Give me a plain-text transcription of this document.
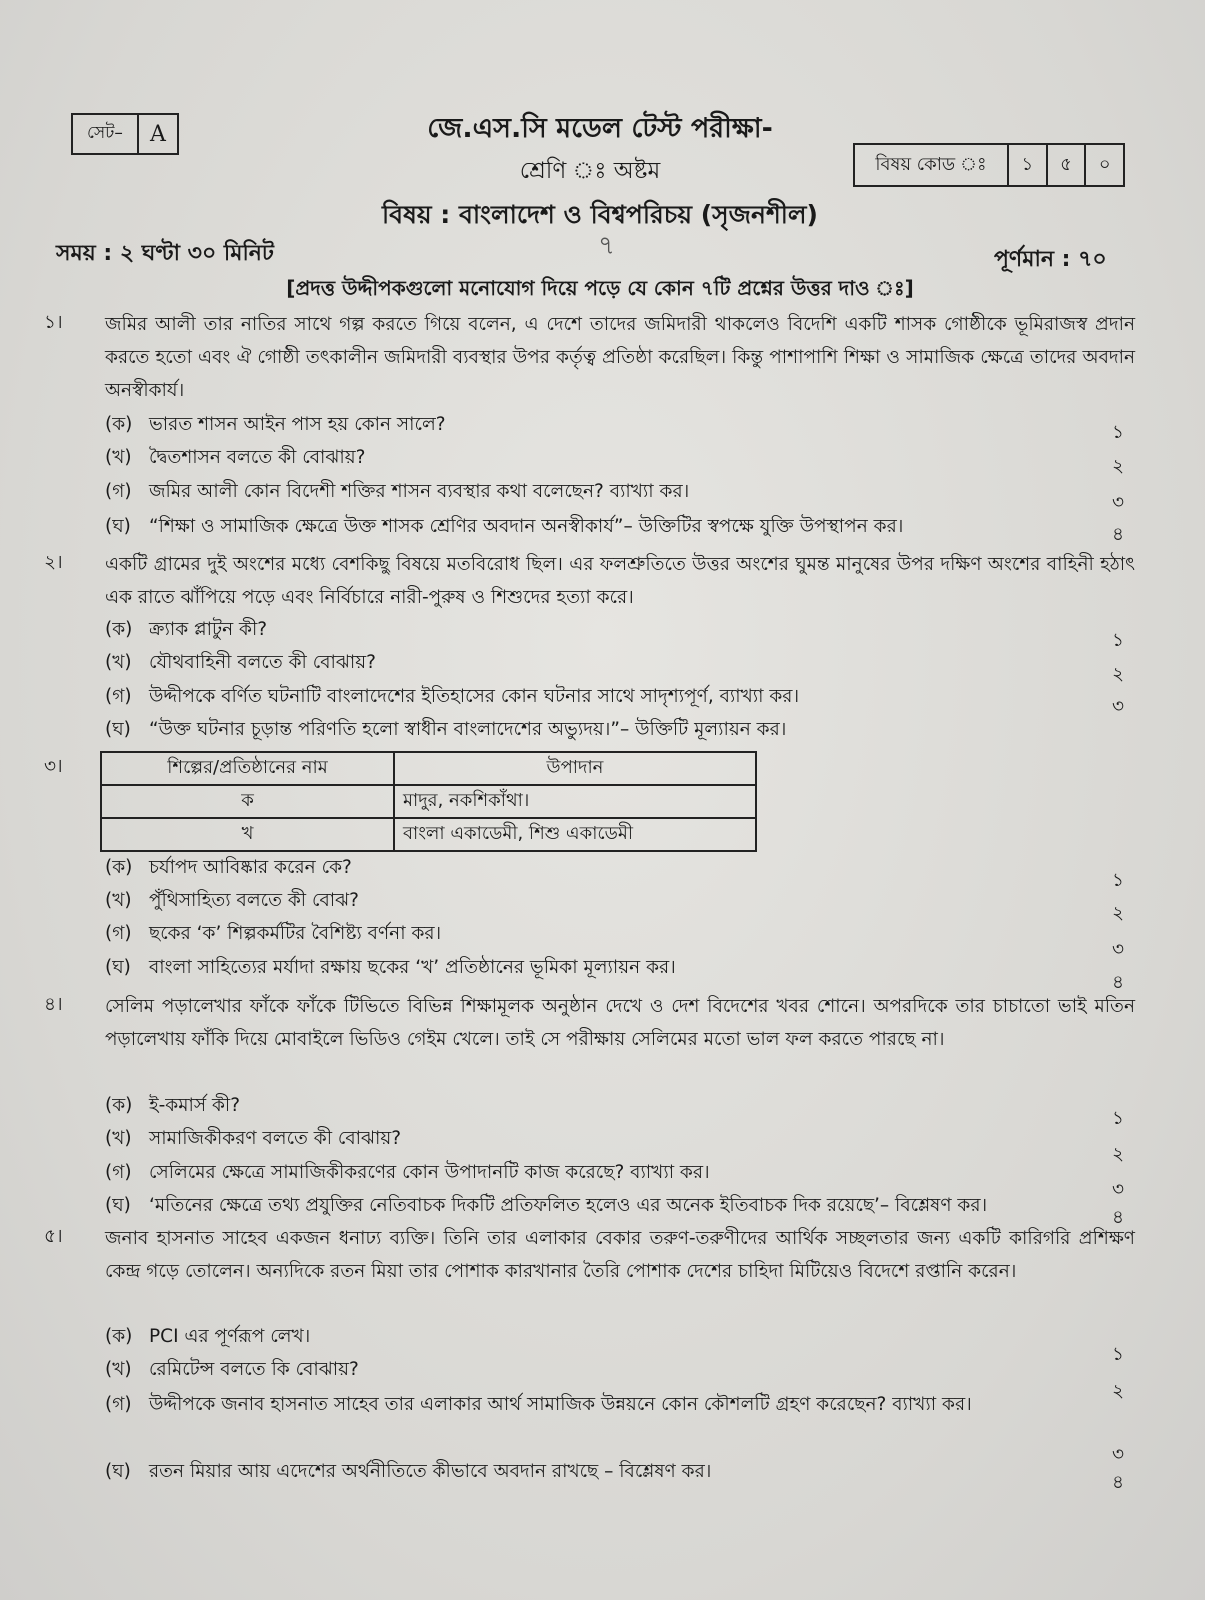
সেট–	A	জে.এস.সি মডেল টেস্ট পরীক্ষা-
শ্রেণি ঃ অষ্টম	বিষয় কোড ঃ	১	৫	০
বিষয় : বাংলাদেশ ও বিশ্বপরিচয় (সৃজনশীল)
সময় : ২ ঘণ্টা ৩০ মিনিট	৭	পূর্ণমান : ৭০
[প্রদত্ত উদ্দীপকগুলো মনোযোগ দিয়ে পড়ে যে কোন ৭টি প্রশ্নের উত্তর দাও ঃ]
১। জমির আলী তার নাতির সাথে গল্প করতে গিয়ে বলেন, এ দেশে তাদের জমিদারী থাকলেও বিদেশি একটি শাসক গোষ্ঠীকে ভূমিরাজস্ব প্রদান করতে হতো এবং ঐ গোষ্ঠী তৎকালীন জমিদারী ব্যবস্থার উপর কর্তৃত্ব প্রতিষ্ঠা করেছিল। কিন্তু পাশাপাশি শিক্ষা ও সামাজিক ক্ষেত্রে তাদের অবদান অনস্বীকার্য।
(ক) ভারত শাসন আইন পাস হয় কোন সালে?	১
(খ) দ্বৈতশাসন বলতে কী বোঝায়?	২
(গ) জমির আলী কোন বিদেশী শক্তির শাসন ব্যবস্থার কথা বলেছেন? ব্যাখ্যা কর।
৩
(ঘ) “শিক্ষা ও সামাজিক ক্ষেত্রে উক্ত শাসক শ্রেণির অবদান অনস্বীকার্য”– উক্তিটির স্বপক্ষে যুক্তি উপস্থাপন কর।	৪
২। একটি গ্রামের দুই অংশের মধ্যে বেশকিছু বিষয়ে মতবিরোধ ছিল। এর ফলশ্রুতিতে উত্তর অংশের ঘুমন্ত মানুষের উপর দক্ষিণ অংশের বাহিনী হঠাৎ এক রাতে ঝাঁপিয়ে পড়ে এবং নির্বিচারে নারী-পুরুষ ও শিশুদের হত্যা করে।
(ক) ক্র্যাক প্লাটুন কী?
১
(খ) যৌথবাহিনী বলতে কী বোঝায়?
২
(গ) উদ্দীপকে বর্ণিত ঘটনাটি বাংলাদেশের ইতিহাসের কোন ঘটনার সাথে সাদৃশ্যপূর্ণ, ব্যাখ্যা কর।	৩
(ঘ) “উক্ত ঘটনার চূড়ান্ত পরিণতি হলো স্বাধীন বাংলাদেশের অভ্যুদয়।”– উক্তিটি মূল্যায়ন কর।
৩।	শিল্পের/প্রতিষ্ঠানের নাম	উপাদান
ক	মাদুর, নকশিকাঁথা।
খ	বাংলা একাডেমী, শিশু একাডেমী
(ক) চর্যাপদ আবিষ্কার করেন কে?
১
(খ) পুঁথিসাহিত্য বলতে কী বোঝ?
২
(গ) ছকের ‘ক’ শিল্পকর্মটির বৈশিষ্ট্য বর্ণনা কর।
৩
(ঘ) বাংলা সাহিত্যের মর্যাদা রক্ষায় ছকের ‘খ’ প্রতিষ্ঠানের ভূমিকা মূল্যায়ন কর।
৪
৪। সেলিম পড়ালেখার ফাঁকে ফাঁকে টিভিতে বিভিন্ন শিক্ষামূলক অনুষ্ঠান দেখে ও দেশ বিদেশের খবর শোনে। অপরদিকে তার চাচাতো ভাই মতিন পড়ালেখায় ফাঁকি দিয়ে মোবাইলে ভিডিও গেইম খেলে। তাই সে পরীক্ষায় সেলিমের মতো ভাল ফল করতে পারছে না।
(ক) ই-কমার্স কী?
১
(খ) সামাজিকীকরণ বলতে কী বোঝায়?
২
(গ) সেলিমের ক্ষেত্রে সামাজিকীকরণের কোন উপাদানটি কাজ করেছে? ব্যাখ্যা কর।
৩
(ঘ) ‘মতিনের ক্ষেত্রে তথ্য প্রযুক্তির নেতিবাচক দিকটি প্রতিফলিত হলেও এর অনেক ইতিবাচক দিক রয়েছে’– বিশ্লেষণ কর।
৪
৫। জনাব হাসনাত সাহেব একজন ধনাঢ্য ব্যক্তি। তিনি তার এলাকার বেকার তরুণ-তরুণীদের আর্থিক সচ্ছলতার জন্য একটি কারিগরি প্রশিক্ষণ কেন্দ্র গড়ে তোলেন। অন্যদিকে রতন মিয়া তার পোশাক কারখানার তৈরি পোশাক দেশের চাহিদা মিটিয়েও বিদেশে রপ্তানি করেন।
(ক) PCI এর পূর্ণরূপ লেখ।
১
(খ) রেমিটেন্স বলতে কি বোঝায়?
২
(গ) উদ্দীপকে জনাব হাসনাত সাহেব তার এলাকার আর্থ সামাজিক উন্নয়নে কোন কৌশলটি গ্রহণ করেছেন? ব্যাখ্যা কর।
৩
(ঘ) রতন মিয়ার আয় এদেশের অর্থনীতিতে কীভাবে অবদান রাখছে – বিশ্লেষণ কর।
৪
